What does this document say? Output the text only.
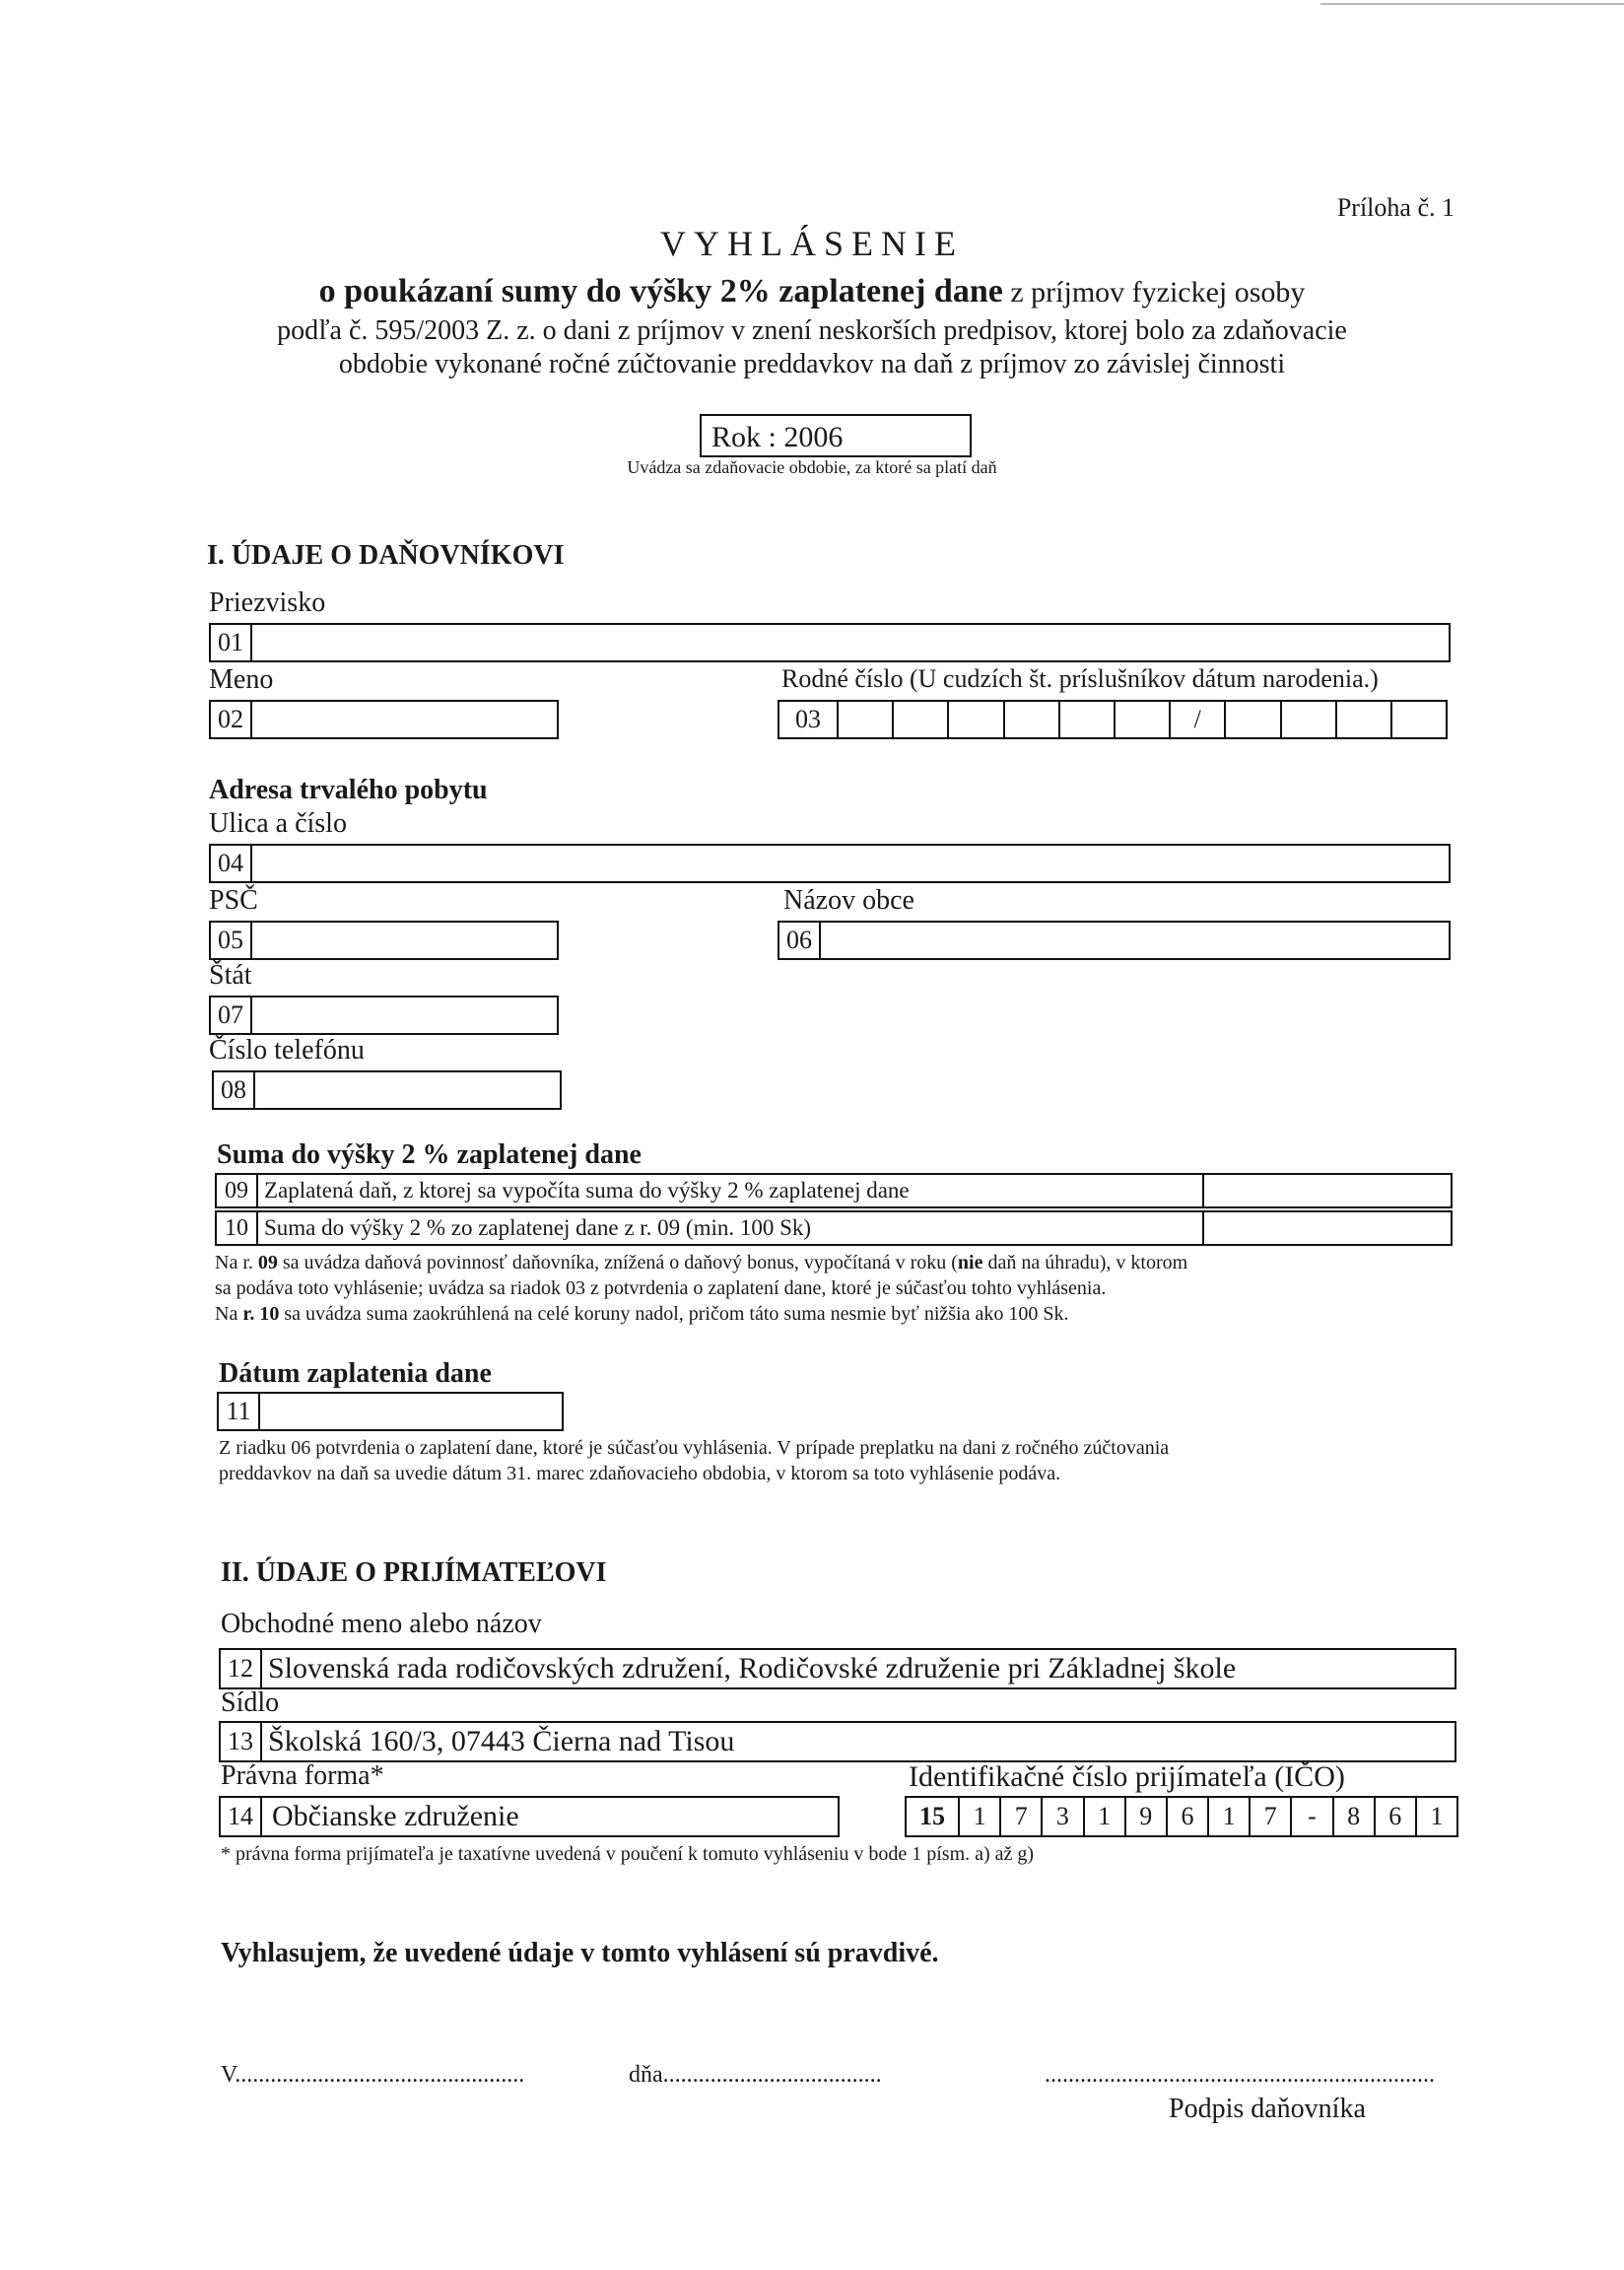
Príloha č. 1
VYHLÁSENIE
o poukázaní sumy do výšky 2% zaplatenej dane z príjmov fyzickej osoby
podľa č. 595/2003 Z. z. o dani z príjmov v znení neskorších predpisov, ktorej bolo za zdaňovacie
obdobie vykonané ročné zúčtovanie preddavkov na daň z príjmov zo závislej činnosti
Rok : 2006
Uvádza sa zdaňovacie obdobie, za ktoré sa platí daň
I. ÚDAJE O DAŇOVNÍKOVI
Priezvisko
01
Meno
02
Rodné číslo (U cudzích št. príslušníkov dátum narodenia.)
03	/
Adresa trvalého pobytu
Ulica a číslo
04
PSČ
05
Názov obce
06
Štát
07
Číslo telefónu
08
Suma do výšky 2 % zaplatenej dane
09 Zaplatená daň, z ktorej sa vypočíta suma do výšky 2 % zaplatenej dane
10 Suma do výšky 2 % zo zaplatenej dane z r. 09 (min. 100 Sk)
Na r. 09 sa uvádza daňová povinnosť daňovníka, znížená o daňový bonus, vypočítaná v roku (nie daň na úhradu), v ktorom
sa podáva toto vyhlásenie; uvádza sa riadok 03 z potvrdenia o zaplatení dane, ktoré je súčasťou tohto vyhlásenia.
Na r. 10 sa uvádza suma zaokrúhlená na celé koruny nadol, pričom táto suma nesmie byť nižšia ako 100 Sk.
Dátum zaplatenia dane
11
Z riadku 06 potvrdenia o zaplatení dane, ktoré je súčasťou vyhlásenia. V prípade preplatku na dani z ročného zúčtovania
preddavkov na daň sa uvedie dátum 31. marec zdaňovacieho obdobia, v ktorom sa toto vyhlásenie podáva.
II. ÚDAJE O PRIJÍMATEĽOVI
Obchodné meno alebo názov
12 Slovenská rada rodičovských združení, Rodičovské združenie pri Základnej škole
Sídlo
13 Školská 160/3, 07443 Čierna nad Tisou
Právna forma*	Identifikačné číslo prijímateľa (IČO)
14 Občianske združenie	15	1	7	3	1	9	6	1	7	-	8	6	1
* právna forma prijímateľa je taxatívne uvedená v poučení k tomuto vyhláseniu v bode 1 písm. a) až g)
Vyhlasujem, že uvedené údaje v tomto vyhlásení sú pravdivé.
V.................................................	dňa.....................................	..................................................................
Podpis daňovníka
